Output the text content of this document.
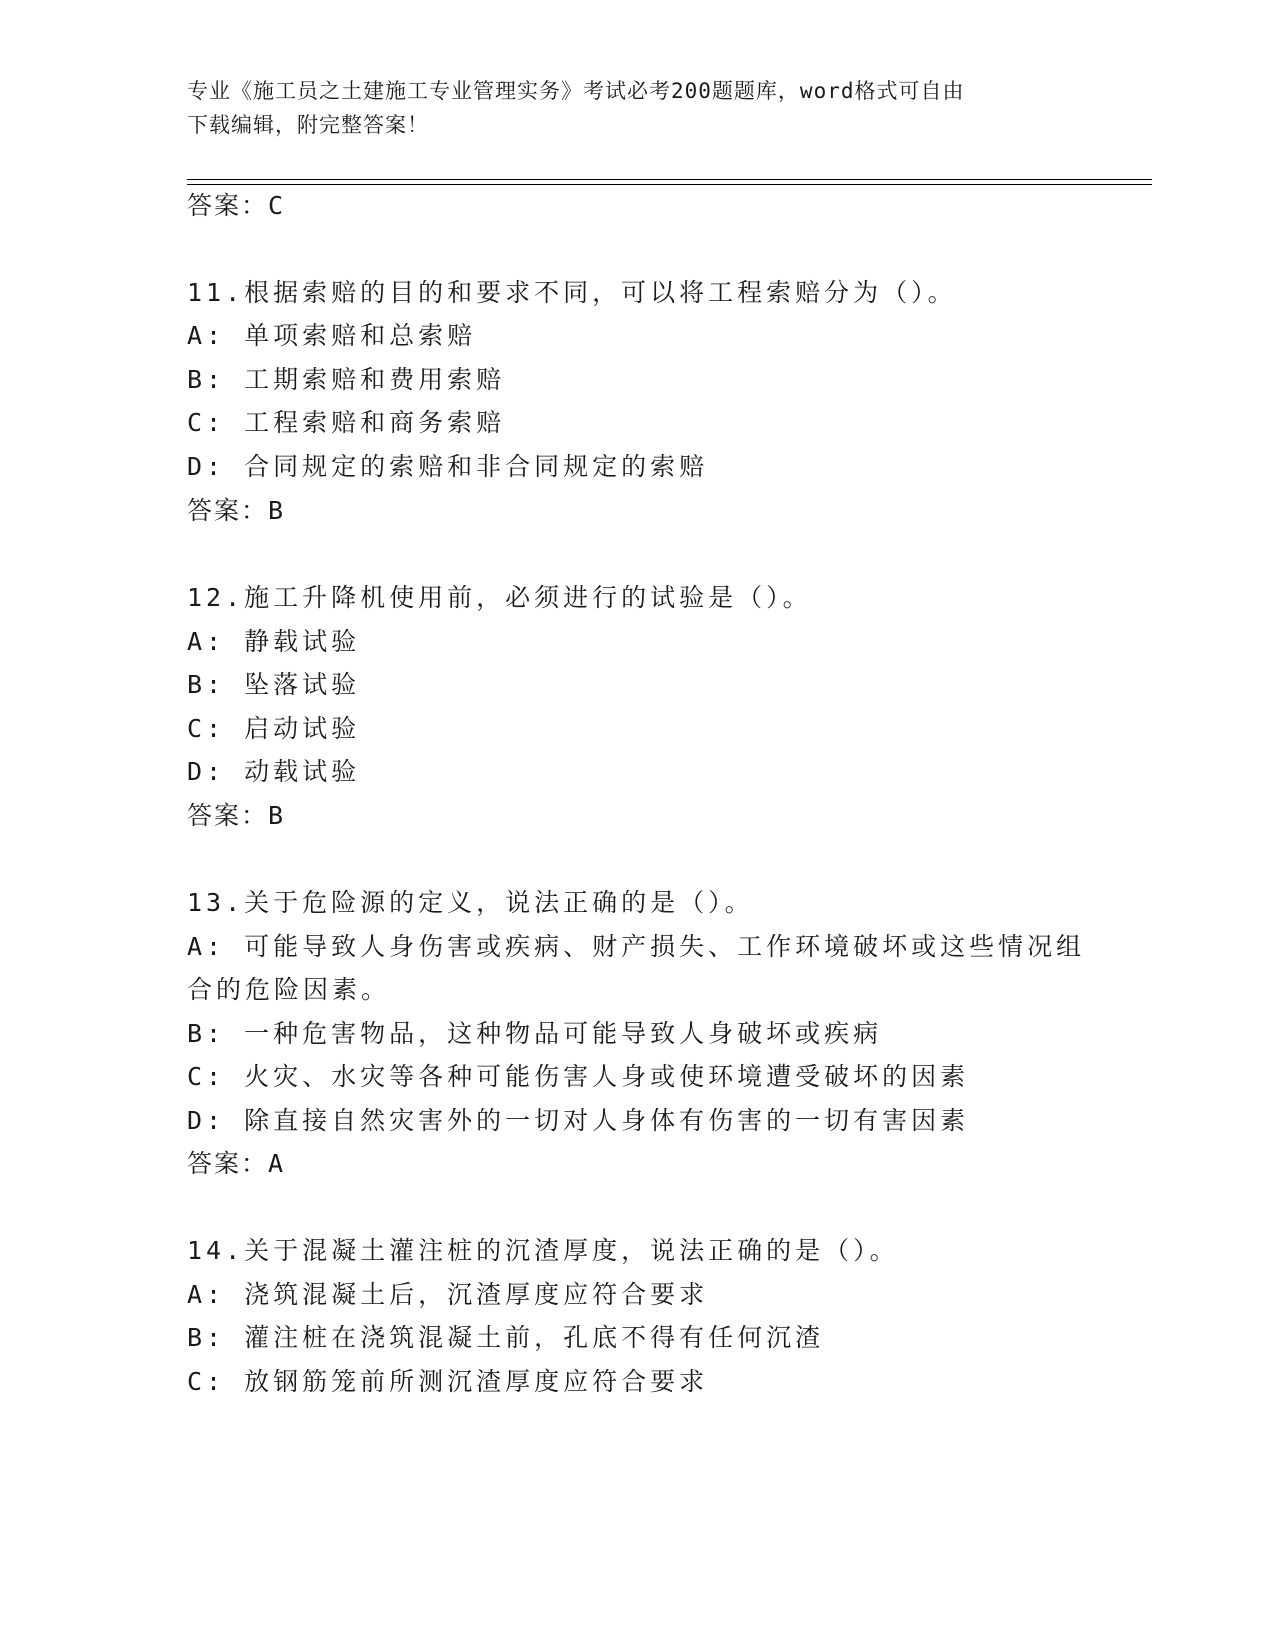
专业《施工员之土建施工专业管理实务》考试必考200题题库，word格式可自由
下载编辑，附完整答案！
答案：C
11.根据索赔的目的和要求不同，可以将工程索赔分为（）。
A: 单项索赔和总索赔
B: 工期索赔和费用索赔
C: 工程索赔和商务索赔
D: 合同规定的索赔和非合同规定的索赔
答案：B
12.施工升降机使用前，必须进行的试验是（）。
A: 静载试验
B: 坠落试验
C: 启动试验
D: 动载试验
答案：B
13.关于危险源的定义，说法正确的是（）。
A: 可能导致人身伤害或疾病、财产损失、工作环境破坏或这些情况组
合的危险因素。
B: 一种危害物品，这种物品可能导致人身破坏或疾病
C: 火灾、水灾等各种可能伤害人身或使环境遭受破坏的因素
D: 除直接自然灾害外的一切对人身体有伤害的一切有害因素
答案：A
14.关于混凝土灌注桩的沉渣厚度，说法正确的是（）。
A: 浇筑混凝土后，沉渣厚度应符合要求
B: 灌注桩在浇筑混凝土前，孔底不得有任何沉渣
C: 放钢筋笼前所测沉渣厚度应符合要求
